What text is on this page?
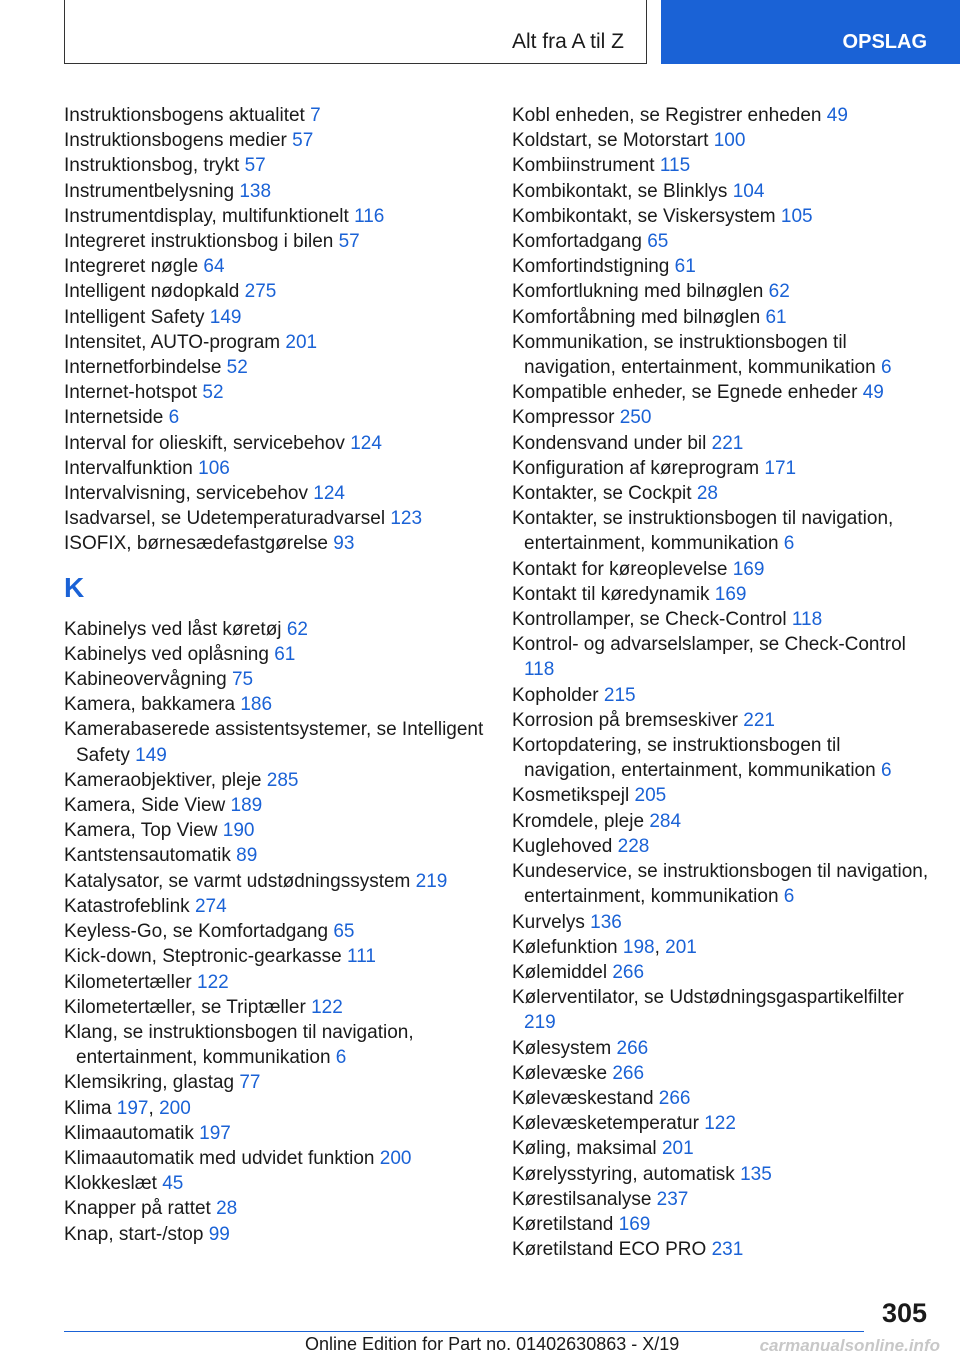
Alt fra A til Z	OPSLAG
Instruktionsbogens aktualitet 7
Instruktionsbogens medier 57
Instruktionsbog, trykt 57
Instrumentbelysning 138
Instrumentdisplay, multifunktionelt 116
Integreret instruktionsbog i bilen 57
Integreret nøgle 64
Intelligent nødopkald 275
Intelligent Safety 149
Intensitet, AUTO-program 201
Internetforbindelse 52
Internet-hotspot 52
Internetside 6
Interval for olieskift, servicebehov 124
Intervalfunktion 106
Intervalvisning, servicebehov 124
Isadvarsel, se Udetemperaturadvarsel 123
ISOFIX, børnesædefastgørelse 93
K
Kabinelys ved låst køretøj 62
Kabinelys ved oplåsning 61
Kabineovervågning 75
Kamera, bakkamera 186
Kamerabaserede assistentsystemer, se Intelligent Safety 149
Kameraobjektiver, pleje 285
Kamera, Side View 189
Kamera, Top View 190
Kantstensautomatik 89
Katalysator, se varmt udstødningssystem 219
Katastrofeblink 274
Keyless-Go, se Komfortadgang 65
Kick-down, Steptronic-gearkasse 111
Kilometertæller 122
Kilometertæller, se Triptæller 122
Klang, se instruktionsbogen til navigation, entertainment, kommunikation 6
Klemsikring, glastag 77
Klima 197, 200
Klimaautomatik 197
Klimaautomatik med udvidet funktion 200
Klokkeslæt 45
Knapper på rattet 28
Knap, start-/stop 99
Kobl enheden, se Registrer enheden 49
Koldstart, se Motorstart 100
Kombiinstrument 115
Kombikontakt, se Blinklys 104
Kombikontakt, se Viskersystem 105
Komfortadgang 65
Komfortindstigning 61
Komfortlukning med bilnøglen 62
Komfortåbning med bilnøglen 61
Kommunikation, se instruktionsbogen til navigation, entertainment, kommunikation 6
Kompatible enheder, se Egnede enheder 49
Kompressor 250
Kondensvand under bil 221
Konfiguration af køreprogram 171
Kontakter, se Cockpit 28
Kontakter, se instruktionsbogen til navigation, entertainment, kommunikation 6
Kontakt for køreoplevelse 169
Kontakt til køredynamik 169
Kontrollamper, se Check-Control 118
Kontrol- og advarselslamper, se Check-Control 118
Kopholder 215
Korrosion på bremseskiver 221
Kortopdatering, se instruktionsbogen til navigation, entertainment, kommunikation 6
Kosmetikspejl 205
Kromdele, pleje 284
Kuglehoved 228
Kundeservice, se instruktionsbogen til navigation, entertainment, kommunikation 6
Kurvelys 136
Kølefunktion 198, 201
Kølemiddel 266
Kølerventilator, se Udstødningsgaspartikelfilter 219
Kølesystem 266
Kølevæske 266
Kølevæskestand 266
Kølevæsketemperatur 122
Køling, maksimal 201
Kørelysstyring, automatisk 135
Kørestilsanalyse 237
Køretilstand 169
Køretilstand ECO PRO 231
305
Online Edition for Part no. 01402630863 - X/19	carmanualsonline.info
